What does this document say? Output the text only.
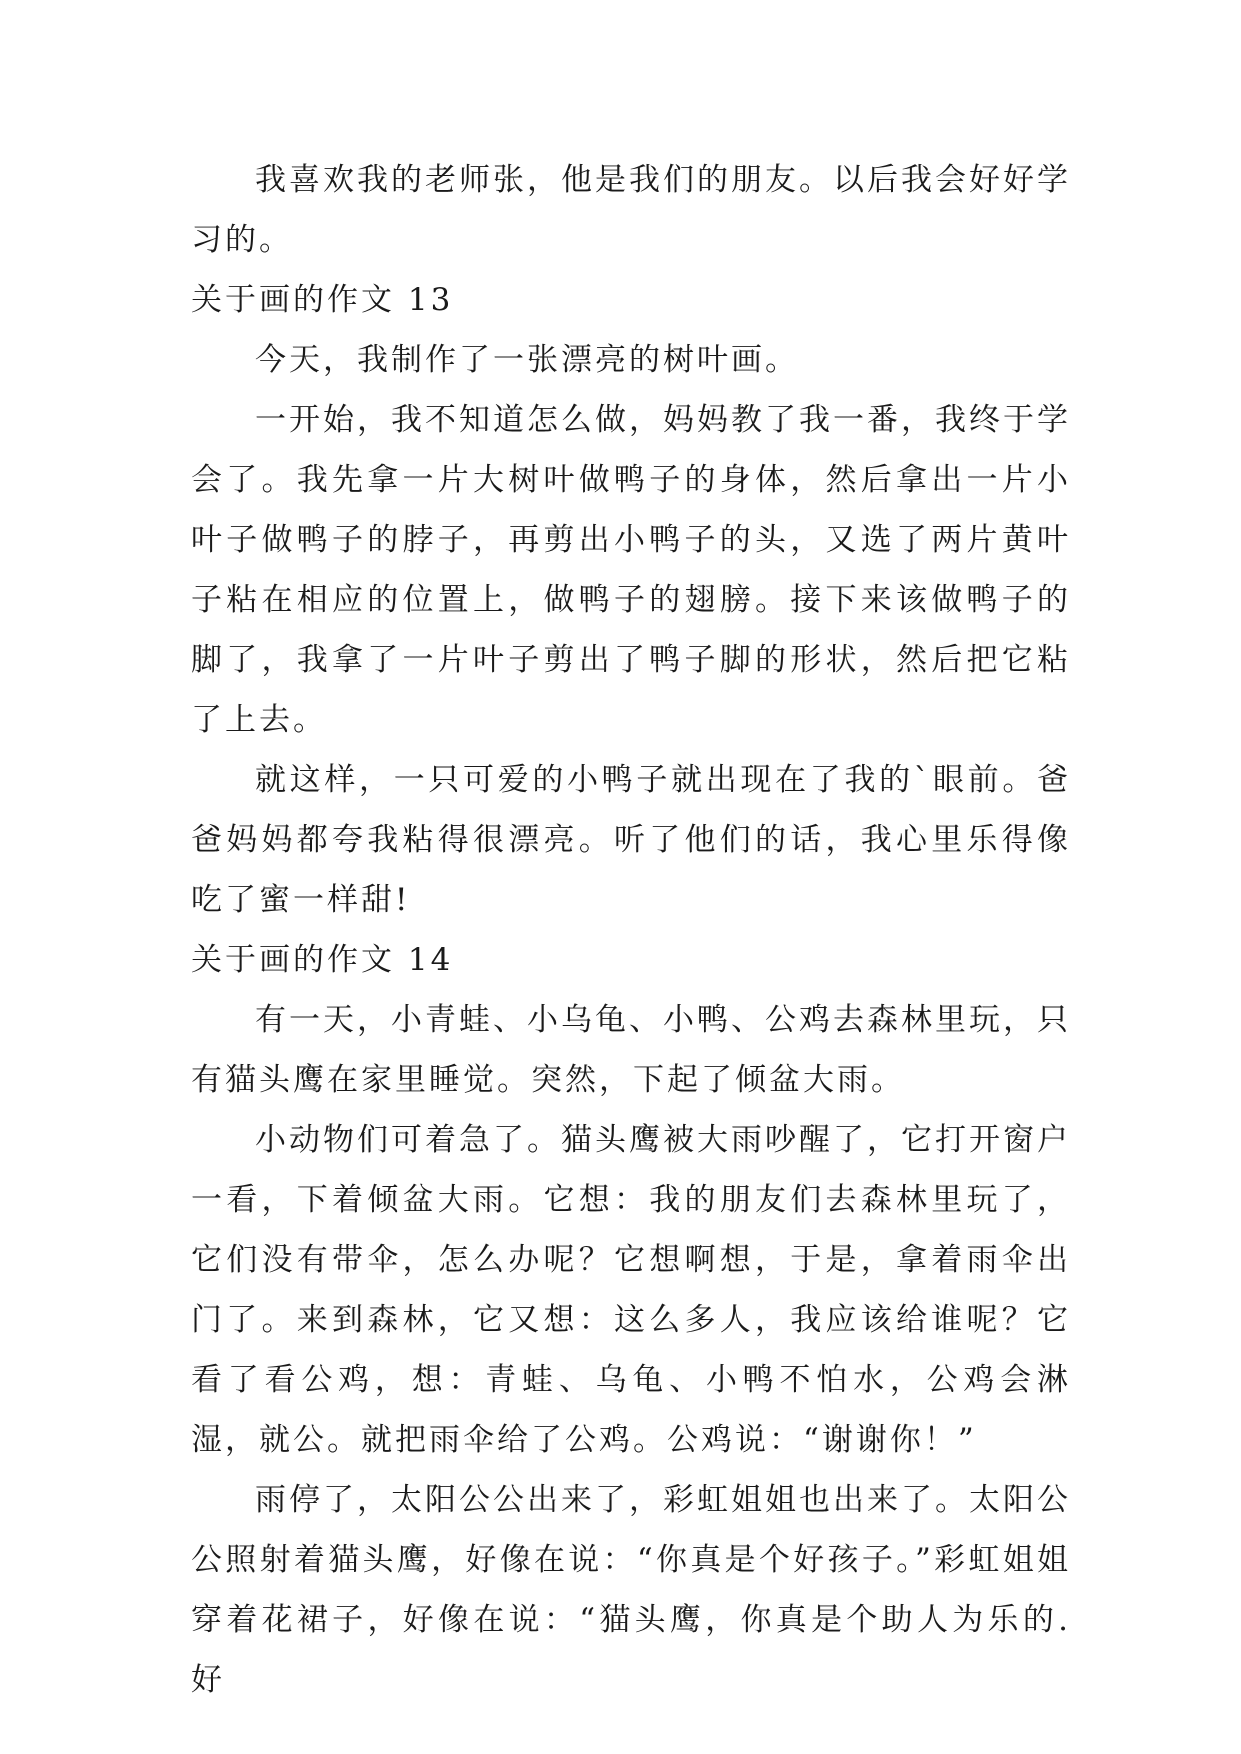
我喜欢我的老师张，他是我们的朋友。以后我会好好学习的。

关于画的作文 13

今天，我制作了一张漂亮的树叶画。

一开始，我不知道怎么做，妈妈教了我一番，我终于学会了。我先拿一片大树叶做鸭子的身体，然后拿出一片小叶子做鸭子的脖子，再剪出小鸭子的头，又选了两片黄叶子粘在相应的位置上，做鸭子的翅膀。接下来该做鸭子的脚了，我拿了一片叶子剪出了鸭子脚的形状，然后把它粘了上去。

就这样，一只可爱的小鸭子就出现在了我的`眼前。爸爸妈妈都夸我粘得很漂亮。听了他们的话，我心里乐得像吃了蜜一样甜!

关于画的作文 14

有一天，小青蛙、小乌龟、小鸭、公鸡去森林里玩，只有猫头鹰在家里睡觉。突然，下起了倾盆大雨。

小动物们可着急了。猫头鹰被大雨吵醒了，它打开窗户一看，下着倾盆大雨。它想：我的朋友们去森林里玩了，它们没有带伞，怎么办呢？它想啊想，于是，拿着雨伞出门了。来到森林，它又想：这么多人，我应该给谁呢？它看了看公鸡，想：青蛙、乌龟、小鸭不怕水，公鸡会淋湿，就公。就把雨伞给了公鸡。公鸡说：“谢谢你！”

雨停了，太阳公公出来了，彩虹姐姐也出来了。太阳公公照射着猫头鹰，好像在说：“你真是个好孩子。”彩虹姐姐穿着花裙子，好像在说：“猫头鹰，你真是个助人为乐的.好
